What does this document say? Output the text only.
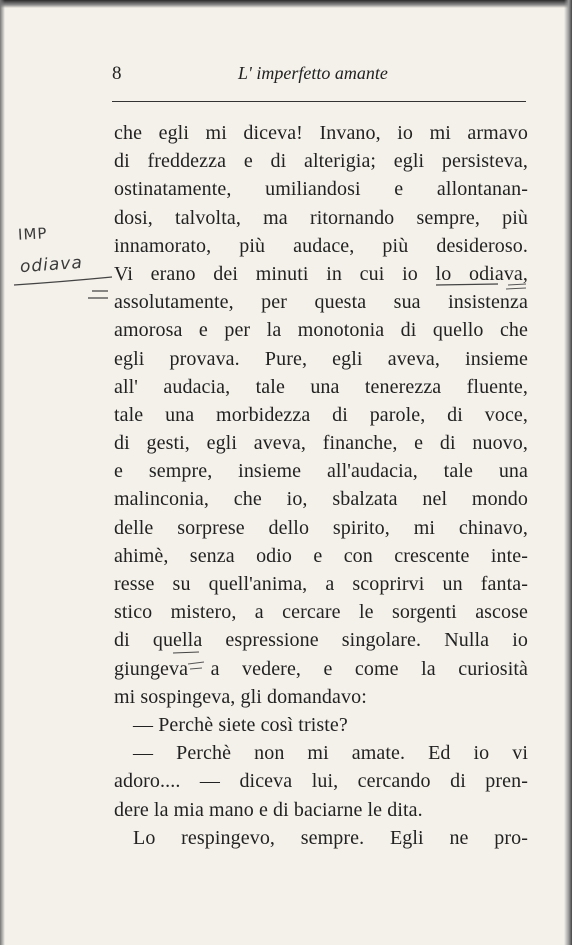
8	L' imperfetto amante
che egli mi diceva! Invano, io mi armavo
di freddezza e di alterigia; egli persisteva,
ostinatamente, umiliandosi e allontanan-
dosi, talvolta, ma ritornando sempre, più
innamorato, più audace, più desideroso.
Vi erano dei minuti in cui io lo odiava,
assolutamente, per questa sua insistenza
amorosa e per la monotonia di quello che
egli provava. Pure, egli aveva, insieme
all' audacia, tale una tenerezza fluente,
tale una morbidezza di parole, di voce,
di gesti, egli aveva, finanche, e di nuovo,
e sempre, insieme all'audacia, tale una
malinconia, che io, sbalzata nel mondo
delle sorprese dello spirito, mi chinavo,
ahimè, senza odio e con crescente inte-
resse su quell'anima, a scoprirvi un fanta-
stico mistero, a cercare le sorgenti ascose
di quella espressione singolare. Nulla io
giungeva a vedere, e come la curiosità
mi sospingeva, gli domandavo:
— Perchè siete così triste?
— Perchè non mi amate. Ed io vi
adoro.... — diceva lui, cercando di pren-
dere la mia mano e di baciarne le dita.
Lo respingevo, sempre. Egli ne pro-
IMP
odiava
